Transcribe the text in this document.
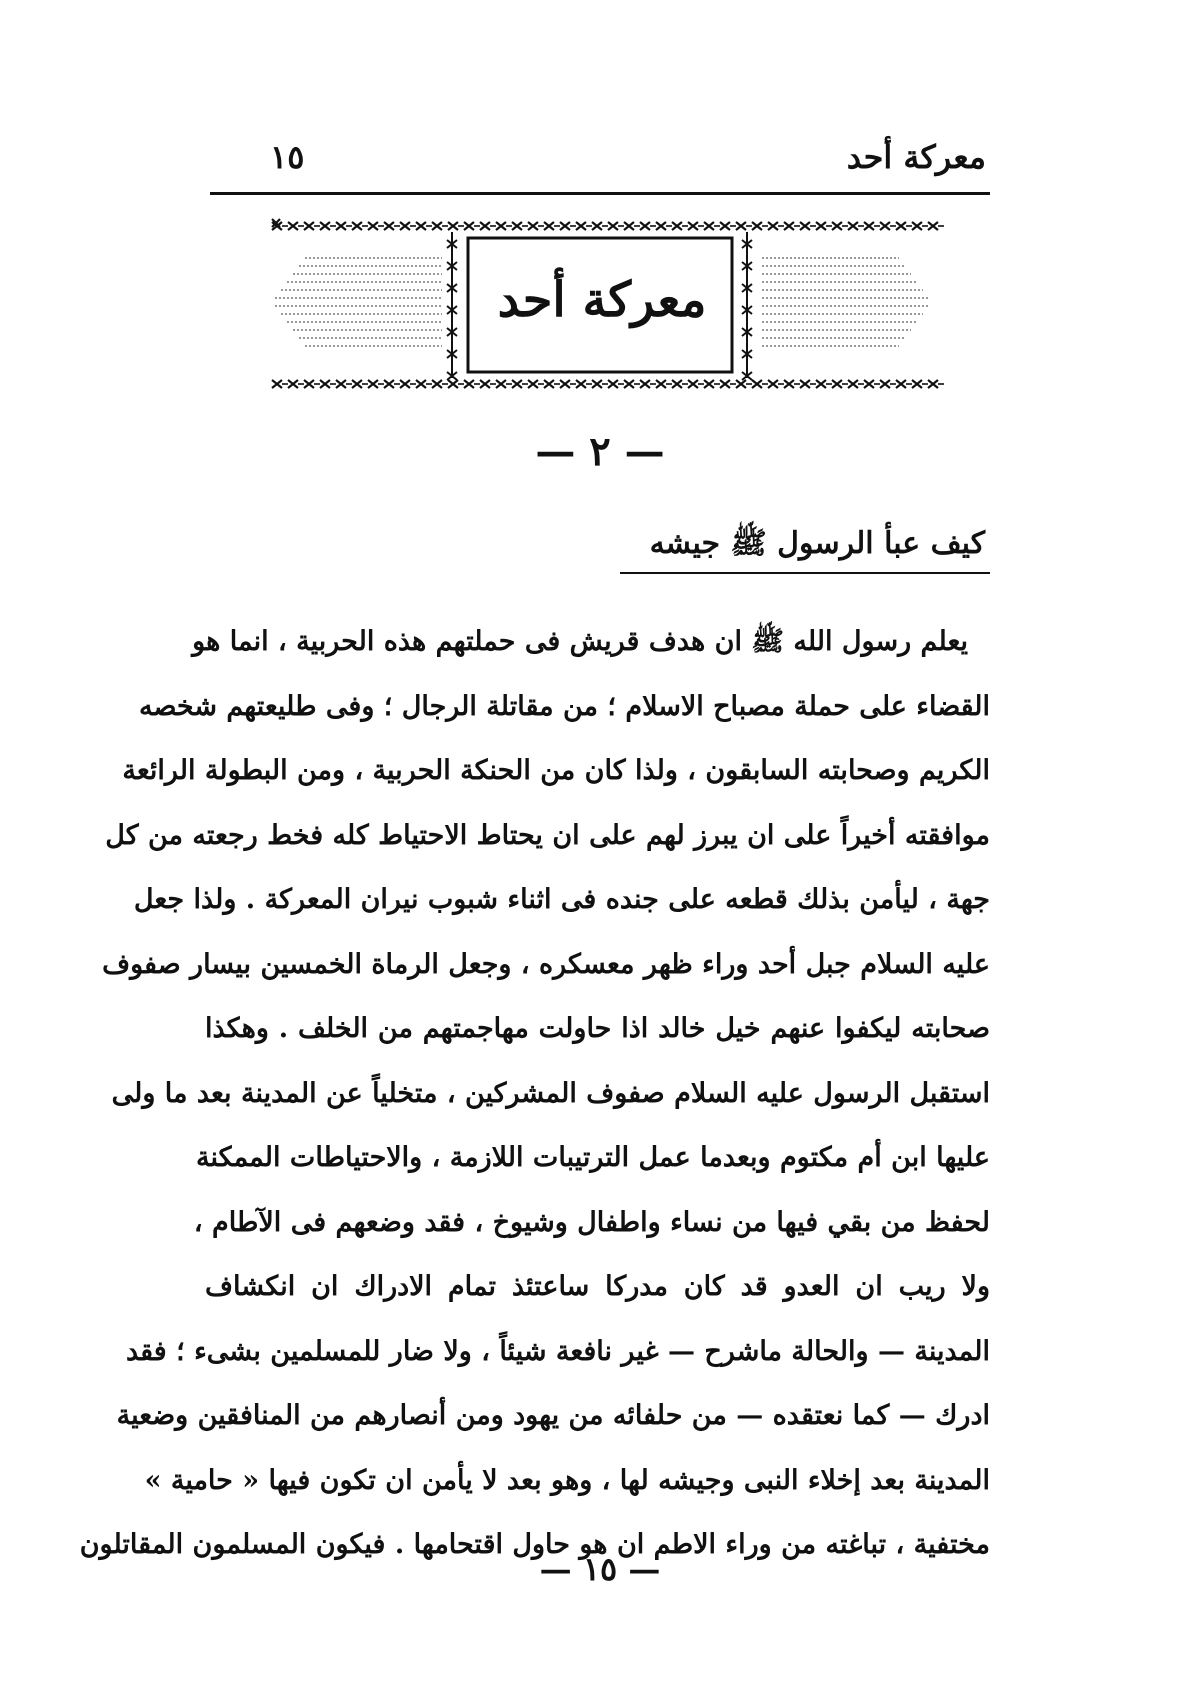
معركة أحد
١٥
معركة أحد
— ٢ —
كيف عبأ الرسول ﷺ جيشه
يعلم رسول الله ﷺ ان هدف قريش فى حملتهم هذه الحربية ، انما هو
القضاء على حملة مصباح الاسلام ؛ من مقاتلة الرجال ؛ وفى طليعتهم شخصه
الكريم وصحابته السابقون ، ولذا كان من الحنكة الحربية ، ومن البطولة الرائعة
موافقته أخيراً على ان يبرز لهم على ان يحتاط الاحتياط كله فخط رجعته من كل
جهة ، ليأمن بذلك قطعه على جنده فى اثناء شبوب نيران المعركة . ولذا جعل
عليه السلام جبل أحد وراء ظهر معسكره ، وجعل الرماة الخمسين بيسار صفوف
صحابته ليكفوا عنهم خيل خالد اذا حاولت مهاجمتهم من الخلف . وهكذا
استقبل الرسول عليه السلام صفوف المشركين ، متخلياً عن المدينة بعد ما ولى
عليها ابن أم مكتوم وبعدما عمل الترتيبات اللازمة ، والاحتياطات الممكنة
لحفظ من بقي فيها من نساء واطفال وشيوخ ، فقد وضعهم فى الآطام ،
ولا ريب ان العدو قد كان مدركا ساعتئذ تمام الادراك ان انكشاف
المدينة — والحالة ماشرح — غير نافعة شيئاً ، ولا ضار للمسلمين بشىء ؛ فقد
ادرك — كما نعتقده — من حلفائه من يهود ومن أنصارهم من المنافقين وضعية
المدينة بعد إخلاء النبى وجيشه لها ، وهو بعد لا يأمن ان تكون فيها « حامية »
مختفية ، تباغته من وراء الاطم ان هو حاول اقتحامها . فيكون المسلمون المقاتلون
— ١٥ —
